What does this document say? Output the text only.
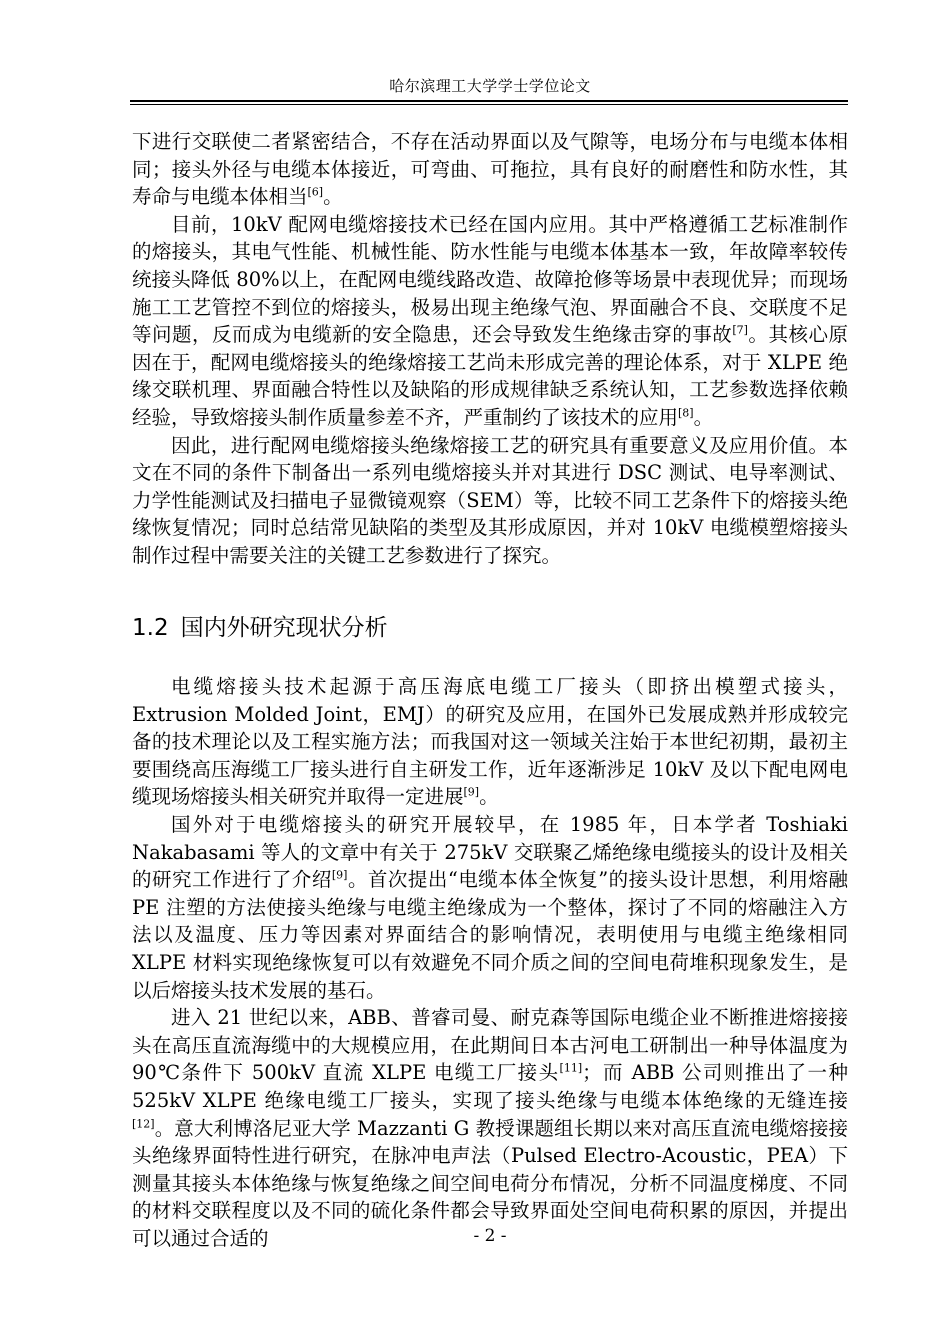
哈尔滨理工大学学士学位论文

下进行交联使二者紧密结合，不存在活动界面以及气隙等，电场分布与电缆本体相同；接头外径与电缆本体接近，可弯曲、可拖拉，具有良好的耐磨性和防水性，其寿命与电缆本体相当[6]。

目前，10kV 配网电缆熔接技术已经在国内应用。其中严格遵循工艺标准制作的熔接头，其电气性能、机械性能、防水性能与电缆本体基本一致，年故障率较传统接头降低 80%以上，在配网电缆线路改造、故障抢修等场景中表现优异；而现场施工工艺管控不到位的熔接头，极易出现主绝缘气泡、界面融合不良、交联度不足等问题，反而成为电缆新的安全隐患，还会导致发生绝缘击穿的事故[7]。其核心原因在于，配网电缆熔接头的绝缘熔接工艺尚未形成完善的理论体系，对于 XLPE 绝缘交联机理、界面融合特性以及缺陷的形成规律缺乏系统认知，工艺参数选择依赖经验，导致熔接头制作质量参差不齐，严重制约了该技术的应用[8]。

因此，进行配网电缆熔接头绝缘熔接工艺的研究具有重要意义及应用价值。本文在不同的条件下制备出一系列电缆熔接头并对其进行 DSC 测试、电导率测试、力学性能测试及扫描电子显微镜观察（SEM）等，比较不同工艺条件下的熔接头绝缘恢复情况；同时总结常见缺陷的类型及其形成原因，并对 10kV 电缆模塑熔接头制作过程中需要关注的关键工艺参数进行了探究。

1.2 国内外研究现状分析

电缆熔接头技术起源于高压海底电缆工厂接头（即挤出模塑式接头，Extrusion Molded Joint，EMJ）的研究及应用，在国外已发展成熟并形成较完备的技术理论以及工程实施方法；而我国对这一领域关注始于本世纪初期，最初主要围绕高压海缆工厂接头进行自主研发工作，近年逐渐涉足 10kV 及以下配电网电缆现场熔接头相关研究并取得一定进展[9]。

国外对于电缆熔接头的研究开展较早，在 1985 年，日本学者 Toshiaki Nakabasami 等人的文章中有关于 275kV 交联聚乙烯绝缘电缆接头的设计及相关的研究工作进行了介绍[9]。首次提出“电缆本体全恢复”的接头设计思想，利用熔融 PE 注塑的方法使接头绝缘与电缆主绝缘成为一个整体，探讨了不同的熔融注入方法以及温度、压力等因素对界面结合的影响情况，表明使用与电缆主绝缘相同 XLPE 材料实现绝缘恢复可以有效避免不同介质之间的空间电荷堆积现象发生，是以后熔接头技术发展的基石。

进入 21 世纪以来，ABB、普睿司曼、耐克森等国际电缆企业不断推进熔接接头在高压直流海缆中的大规模应用，在此期间日本古河电工研制出一种导体温度为 90℃条件下 500kV 直流 XLPE 电缆工厂接头[11]；而 ABB 公司则推出了一种 525kV XLPE 绝缘电缆工厂接头，实现了接头绝缘与电缆本体绝缘的无缝连接[12]。意大利博洛尼亚大学 Mazzanti G 教授课题组长期以来对高压直流电缆熔接接头绝缘界面特性进行研究，在脉冲电声法（Pulsed Electro-Acoustic，PEA）下测量其接头本体绝缘与恢复绝缘之间空间电荷分布情况，分析不同温度梯度、不同的材料交联程度以及不同的硫化条件都会导致界面处空间电荷积累的原因，并提出可以通过合适的	- 2 -
